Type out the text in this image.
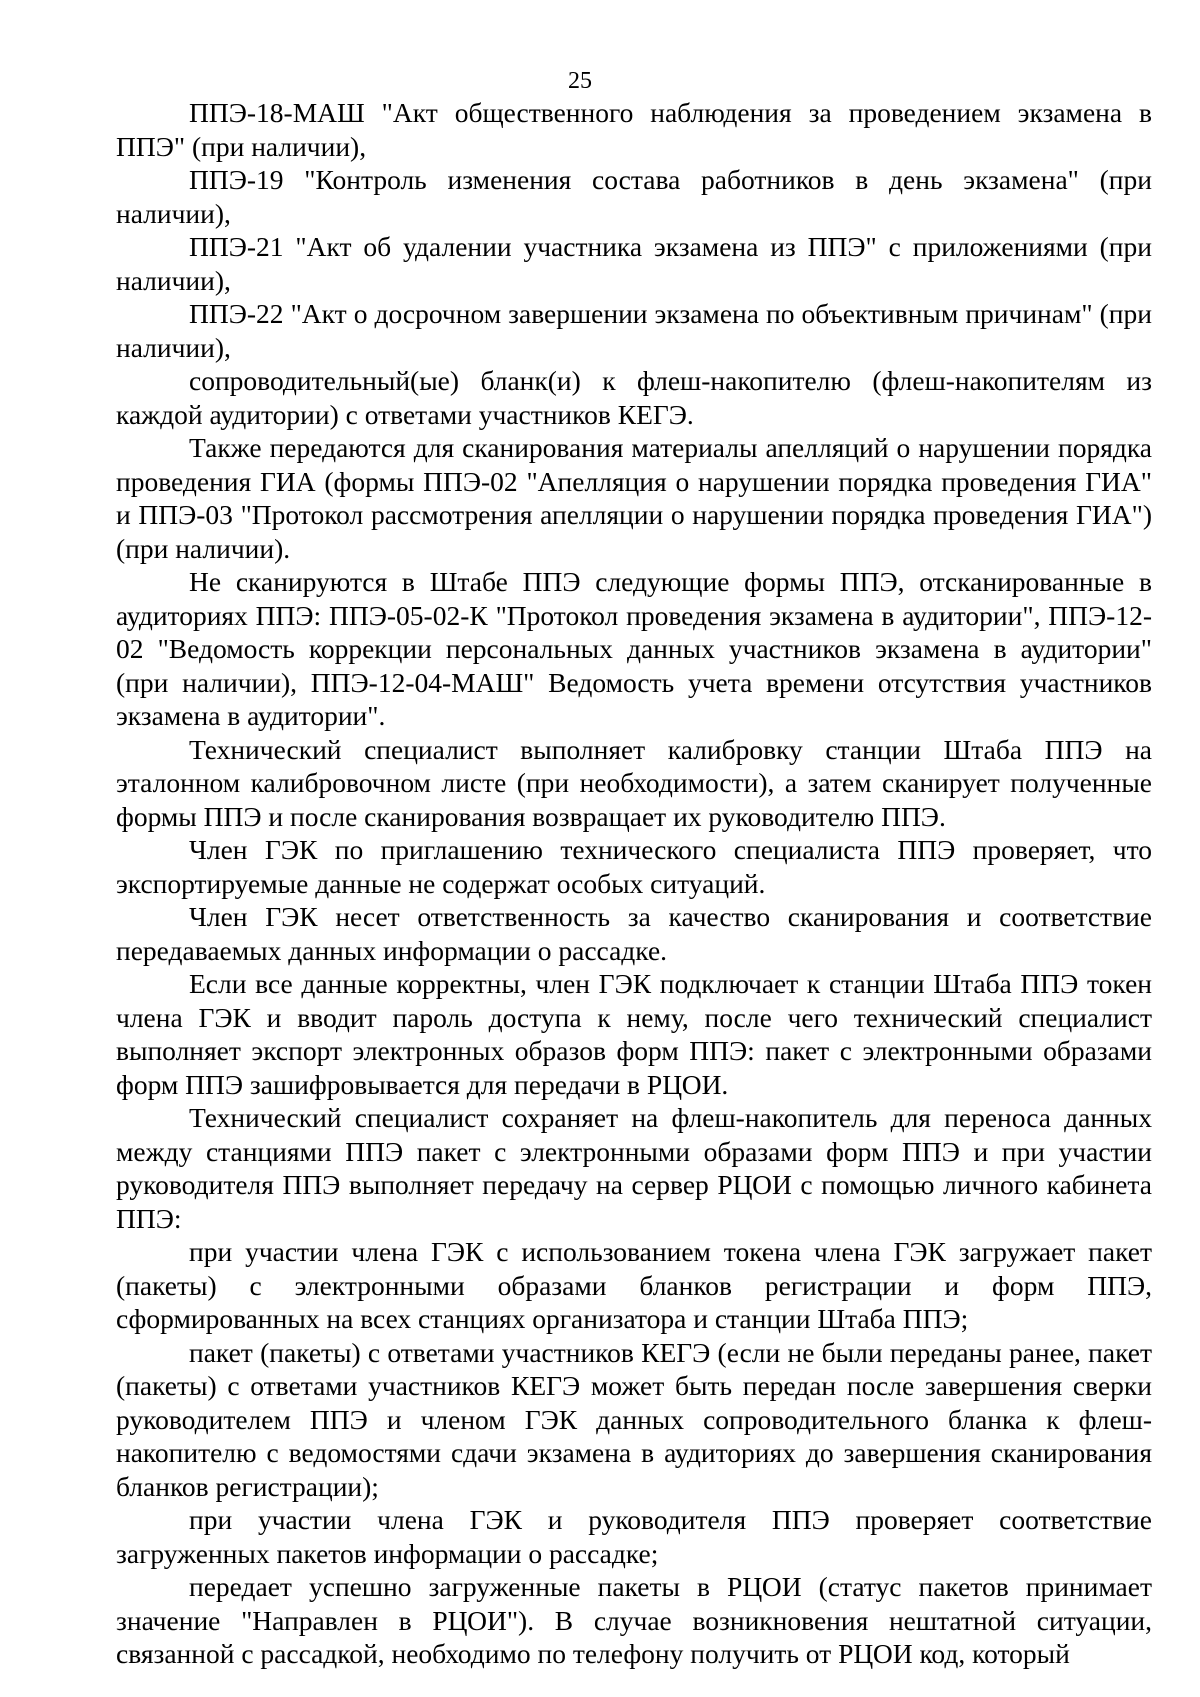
25

ППЭ-18-МАШ "Акт общественного наблюдения за проведением экзамена в ППЭ" (при наличии),

ППЭ-19 "Контроль изменения состава работников в день экзамена" (при наличии),

ППЭ-21 "Акт об удалении участника экзамена из ППЭ" с приложениями (при наличии),

ППЭ-22 "Акт о досрочном завершении экзамена по объективным причинам" (при наличии),

сопроводительный(ые) бланк(и) к флеш-накопителю (флеш-накопителям из каждой аудитории) с ответами участников КЕГЭ.

Также передаются для сканирования материалы апелляций о нарушении порядка проведения ГИА (формы ППЭ-02 "Апелляция о нарушении порядка проведения ГИА" и ППЭ-03 "Протокол рассмотрения апелляции о нарушении порядка проведения ГИА") (при наличии).

Не сканируются в Штабе ППЭ следующие формы ППЭ, отсканированные в аудиториях ППЭ: ППЭ-05-02-К "Протокол проведения экзамена в аудитории", ППЭ-12-02 "Ведомость коррекции персональных данных участников экзамена в аудитории" (при наличии), ППЭ-12-04-МАШ" Ведомость учета времени отсутствия участников экзамена в аудитории".

Технический специалист выполняет калибровку станции Штаба ППЭ на эталонном калибровочном листе (при необходимости), а затем сканирует полученные формы ППЭ и после сканирования возвращает их руководителю ППЭ.

Член ГЭК по приглашению технического специалиста ППЭ проверяет, что экспортируемые данные не содержат особых ситуаций.

Член ГЭК несет ответственность за качество сканирования и соответствие передаваемых данных информации о рассадке.

Если все данные корректны, член ГЭК подключает к станции Штаба ППЭ токен члена ГЭК и вводит пароль доступа к нему, после чего технический специалист выполняет экспорт электронных образов форм ППЭ: пакет с электронными образами форм ППЭ зашифровывается для передачи в РЦОИ.

Технический специалист сохраняет на флеш-накопитель для переноса данных между станциями ППЭ пакет с электронными образами форм ППЭ и при участии руководителя ППЭ выполняет передачу на сервер РЦОИ с помощью личного кабинета ППЭ:

при участии члена ГЭК с использованием токена члена ГЭК загружает пакет (пакеты) с электронными образами бланков регистрации и форм ППЭ, сформированных на всех станциях организатора и станции Штаба ППЭ;

пакет (пакеты) с ответами участников КЕГЭ (если не были переданы ранее, пакет (пакеты) с ответами участников КЕГЭ может быть передан после завершения сверки руководителем ППЭ и членом ГЭК данных сопроводительного бланка к флеш-накопителю с ведомостями сдачи экзамена в аудиториях до завершения сканирования бланков регистрации);

при участии члена ГЭК и руководителя ППЭ проверяет соответствие загруженных пакетов информации о рассадке;

передает успешно загруженные пакеты в РЦОИ (статус пакетов принимает значение "Направлен в РЦОИ"). В случае возникновения нештатной ситуации, связанной с рассадкой, необходимо по телефону получить от РЦОИ код, который
